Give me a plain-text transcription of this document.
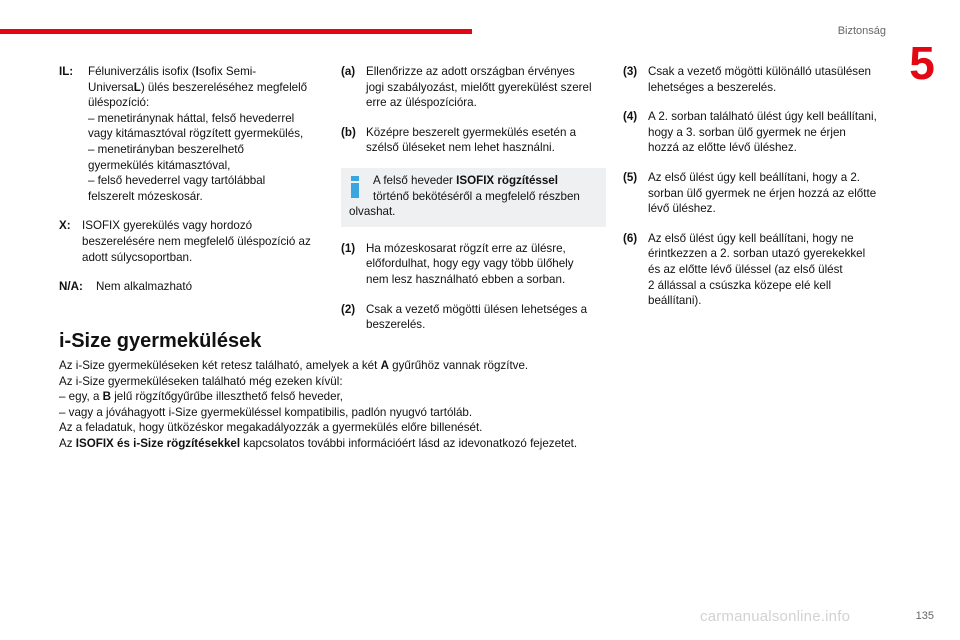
Biztonság
5
IL:	Féluniverzális isofix (Isofix Semi-

UniversaL) ülés beszereléséhez megfelelő

üléspozíció:

– menetiránynak háttal, felső hevederrel

vagy kitámasztóval rögzített gyermekülés,

– menetirányban beszerelhető

gyermekülés kitámasztóval,

– felső hevederrel vagy tartólábbal

felszerelt mózeskosár.

X: ISOFIX gyerekülés vagy hordozó

beszerelésére nem megfelelő üléspozíció az

adott súlycsoportban.

N/A:	Nem alkalmazható

(a) Ellenőrizze az adott országban érvényes

jogi szabályozást, mielőtt gyerekülést szerel

erre az üléspozícióra.

(b) Középre beszerelt gyermekülés esetén a

szélső üléseket nem lehet használni.

A felső heveder ISOFIX rögzítéssel
történő bekötéséről a megfelelő részben
olvashat.

(1) Ha mózeskosarat rögzít erre az ülésre,

előfordulhat, hogy egy vagy több ülőhely

nem lesz használható ebben a sorban.

(2) Csak a vezető mögötti ülésen lehetséges a

beszerelés.

(3) Csak a vezető mögötti különálló utasülésen

lehetséges a beszerelés.

(4) A 2. sorban található ülést úgy kell beállítani,

hogy a 3. sorban ülő gyermek ne érjen

hozzá az előtte lévő üléshez.

(5) Az első ülést úgy kell beállítani, hogy a 2.

sorban ülő gyermek ne érjen hozzá az előtte

lévő üléshez.

(6) Az első ülést úgy kell beállítani, hogy ne

érintkezzen a 2. sorban utazó gyerekekkel

és az előtte lévő üléssel (az első ülést

2 állással a csúszka közepe elé kell

beállítani).

i-Size gyermekülések

Az i-Size gyermeküléseken két retesz található, amelyek a két A gyűrűhöz vannak rögzítve.

Az i-Size gyermeküléseken található még ezeken kívül:

– egy, a B jelű rögzítőgyűrűbe illeszthető felső heveder,

– vagy a jóváhagyott i-Size gyermeküléssel kompatibilis, padlón nyugvó tartóláb.

Az a feladatuk, hogy ütközéskor megakadályozzák a gyermekülés előre billenését.

Az ISOFIX és i-Size rögzítésekkel kapcsolatos további információért lásd az idevonatkozó fejezetet.

carmanualsonline.info	135
